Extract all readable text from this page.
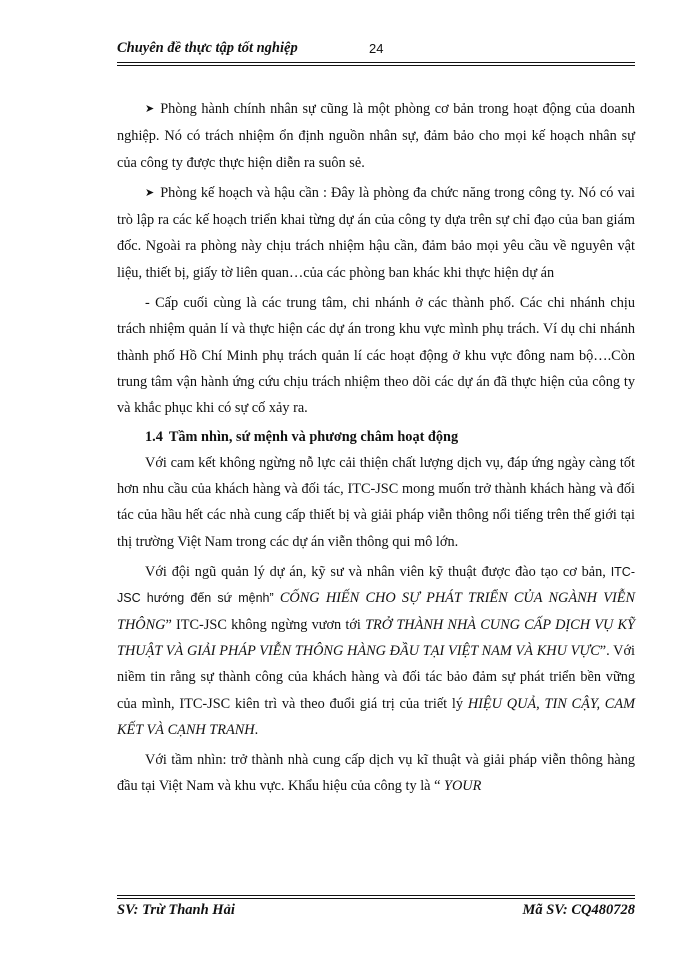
Chuyên đề thực tập tốt nghiệp	24

➤ Phòng hành chính nhân sự cũng là một phòng cơ bản trong hoạt động của doanh nghiệp. Nó có trách nhiệm ổn định nguồn nhân sự, đảm bảo cho mọi kế hoạch nhân sự của công ty được thực hiện diễn ra suôn sẻ.

➤ Phòng kế hoạch và hậu cần : Đây là phòng đa chức năng trong công ty. Nó có vai trò lập ra các kế hoạch triển khai từng dự án của công ty dựa trên sự chỉ đạo của ban giám đốc. Ngoài ra phòng này chịu trách nhiệm hậu cần, đảm bảo mọi yêu cầu về nguyên vật liệu, thiết bị, giấy tờ liên quan…của các phòng ban khác khi thực hiện dự án

- Cấp cuối cùng là các trung tâm, chi nhánh ở các thành phố. Các chi nhánh chịu trách nhiệm quản lí và thực hiện các dự án trong khu vực mình phụ trách. Ví dụ chi nhánh thành phố Hồ Chí Minh phụ trách quản lí các hoạt động ở khu vực đông nam bộ….Còn trung tâm vận hành ứng cứu chịu trách nhiệm theo dõi các dự án đã thực hiện của công ty và khắc phục khi có sự cố xảy ra.

1.4 Tầm nhìn, sứ mệnh và phương châm hoạt động

Với cam kết không ngừng nỗ lực cải thiện chất lượng dịch vụ, đáp ứng ngày càng tốt hơn nhu cầu của khách hàng và đối tác, ITC-JSC mong muốn trở thành khách hàng và đối tác của hầu hết các nhà cung cấp thiết bị và giải pháp viễn thông nổi tiếng trên thế giới tại thị trường Việt Nam trong các dự án viễn thông qui mô lớn.

Với đội ngũ quản lý dự án, kỹ sư và nhân viên kỹ thuật được đào tạo cơ bản, ITC- JSC hướng đến sứ mệnh” CỐNG HIẾN CHO SỰ PHÁT TRIỂN CỦA NGÀNH VIỄN THÔNG” ITC-JSC không ngừng vươn tới TRỞ THÀNH NHÀ CUNG CẤP DỊCH VỤ KỸ THUẬT VÀ GIẢI PHÁP VIỄN THÔNG HÀNG ĐẦU TẠI VIỆT NAM VÀ KHU VỰC”. Với niềm tin rằng sự thành công của khách hàng và đối tác bảo đảm sự phát triển bền vững của mình, ITC-JSC kiên trì và theo đuổi giá trị của triết lý HIỆU QUẢ, TIN CẬY, CAM KẾT VÀ CẠNH TRANH.

Với tầm nhìn: trở thành nhà cung cấp dịch vụ kĩ thuật và giải pháp viễn thông hàng đầu tại Việt Nam và khu vực. Khẩu hiệu của công ty là “ YOUR

SV: Trừ Thanh Hải	Mã SV: CQ480728
